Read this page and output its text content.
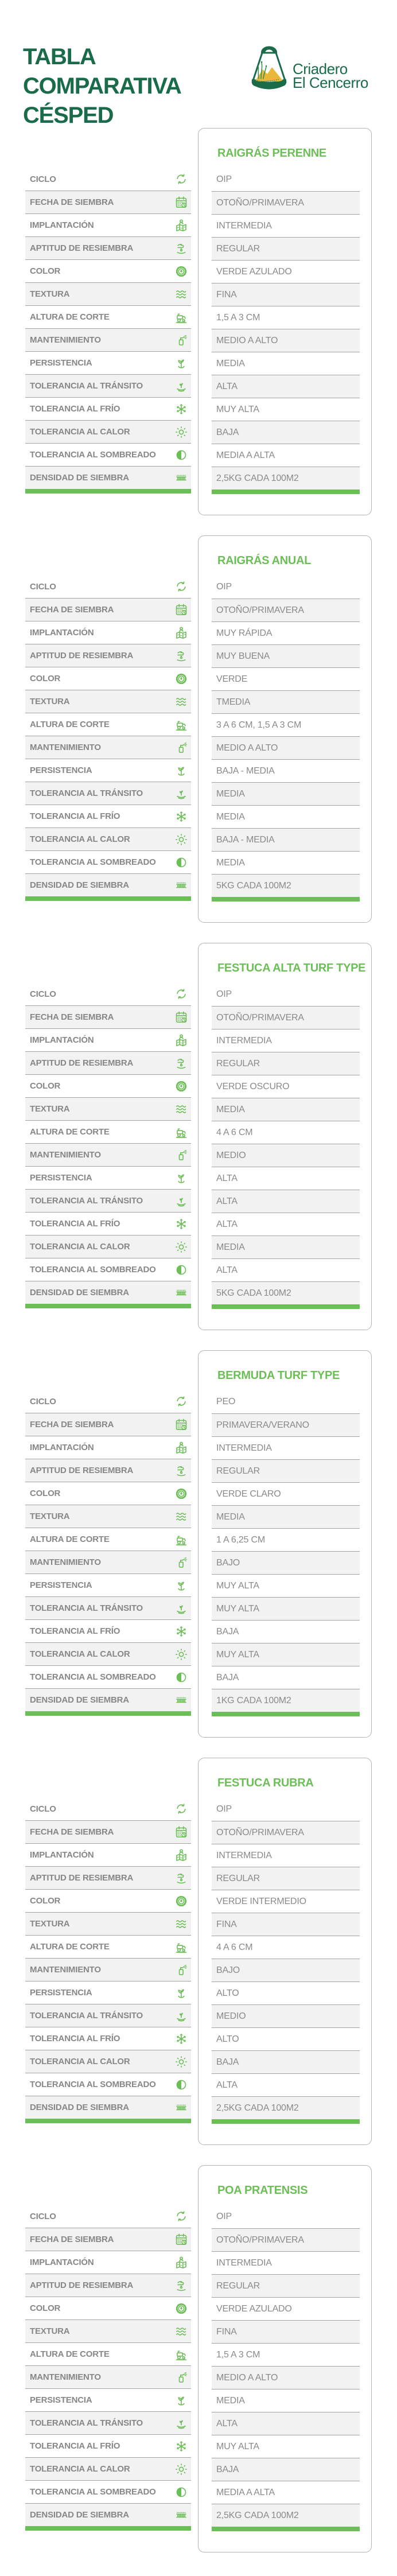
TABLA
COMPARATIVA
CÉSPED
Criadero
El Cencerro
CICLO
FECHA DE SIEMBRA
IMPLANTACIÓN
APTITUD DE RESIEMBRA
COLOR
TEXTURA
ALTURA DE CORTE
MANTENIMIENTO
PERSISTENCIA
TOLERANCIA AL TRÁNSITO
TOLERANCIA AL FRÍO
TOLERANCIA AL CALOR
TOLERANCIA AL SOMBREADO
DENSIDAD DE SIEMBRA
RAIGRÁS PERENNE
OIP
OTOÑO/PRIMAVERA
INTERMEDIA
REGULAR
VERDE AZULADO
FINA
1,5 A 3 CM
MEDIO A ALTO
MEDIA
ALTA
MUY ALTA
BAJA
MEDIA A ALTA
2,5KG CADA 100M2
CICLO
FECHA DE SIEMBRA
IMPLANTACIÓN
APTITUD DE RESIEMBRA
COLOR
TEXTURA
ALTURA DE CORTE
MANTENIMIENTO
PERSISTENCIA
TOLERANCIA AL TRÁNSITO
TOLERANCIA AL FRÍO
TOLERANCIA AL CALOR
TOLERANCIA AL SOMBREADO
DENSIDAD DE SIEMBRA
RAIGRÁS ANUAL
OIP
OTOÑO/PRIMAVERA
MUY RÁPIDA
MUY BUENA
VERDE
TMEDIA
3 A 6 CM, 1,5 A 3 CM
MEDIO A ALTO
BAJA - MEDIA
MEDIA
MEDIA
BAJA - MEDIA
MEDIA
5KG CADA 100M2
CICLO
FECHA DE SIEMBRA
IMPLANTACIÓN
APTITUD DE RESIEMBRA
COLOR
TEXTURA
ALTURA DE CORTE
MANTENIMIENTO
PERSISTENCIA
TOLERANCIA AL TRÁNSITO
TOLERANCIA AL FRÍO
TOLERANCIA AL CALOR
TOLERANCIA AL SOMBREADO
DENSIDAD DE SIEMBRA
FESTUCA ALTA TURF TYPE
OIP
OTOÑO/PRIMAVERA
INTERMEDIA
REGULAR
VERDE OSCURO
MEDIA
4 A 6 CM
MEDIO
ALTA
ALTA
ALTA
MEDIA
ALTA
5KG CADA 100M2
CICLO
FECHA DE SIEMBRA
IMPLANTACIÓN
APTITUD DE RESIEMBRA
COLOR
TEXTURA
ALTURA DE CORTE
MANTENIMIENTO
PERSISTENCIA
TOLERANCIA AL TRÁNSITO
TOLERANCIA AL FRÍO
TOLERANCIA AL CALOR
TOLERANCIA AL SOMBREADO
DENSIDAD DE SIEMBRA
BERMUDA TURF TYPE
PEO
PRIMAVERA/VERANO
INTERMEDIA
REGULAR
VERDE CLARO
MEDIA
1 A 6,25 CM
BAJO
MUY ALTA
MUY ALTA
BAJA
MUY ALTA
BAJA
1KG CADA 100M2
CICLO
FECHA DE SIEMBRA
IMPLANTACIÓN
APTITUD DE RESIEMBRA
COLOR
TEXTURA
ALTURA DE CORTE
MANTENIMIENTO
PERSISTENCIA
TOLERANCIA AL TRÁNSITO
TOLERANCIA AL FRÍO
TOLERANCIA AL CALOR
TOLERANCIA AL SOMBREADO
DENSIDAD DE SIEMBRA
FESTUCA RUBRA
OIP
OTOÑO/PRIMAVERA
INTERMEDIA
REGULAR
VERDE INTERMEDIO
FINA
4 A 6 CM
BAJO
ALTO
MEDIO
ALTO
BAJA
ALTA
2,5KG CADA 100M2
CICLO
FECHA DE SIEMBRA
IMPLANTACIÓN
APTITUD DE RESIEMBRA
COLOR
TEXTURA
ALTURA DE CORTE
MANTENIMIENTO
PERSISTENCIA
TOLERANCIA AL TRÁNSITO
TOLERANCIA AL FRÍO
TOLERANCIA AL CALOR
TOLERANCIA AL SOMBREADO
DENSIDAD DE SIEMBRA
POA PRATENSIS
OIP
OTOÑO/PRIMAVERA
INTERMEDIA
REGULAR
VERDE AZULADO
FINA
1,5 A 3 CM
MEDIO A ALTO
MEDIA
ALTA
MUY ALTA
BAJA
MEDIA A ALTA
2,5KG CADA 100M2
